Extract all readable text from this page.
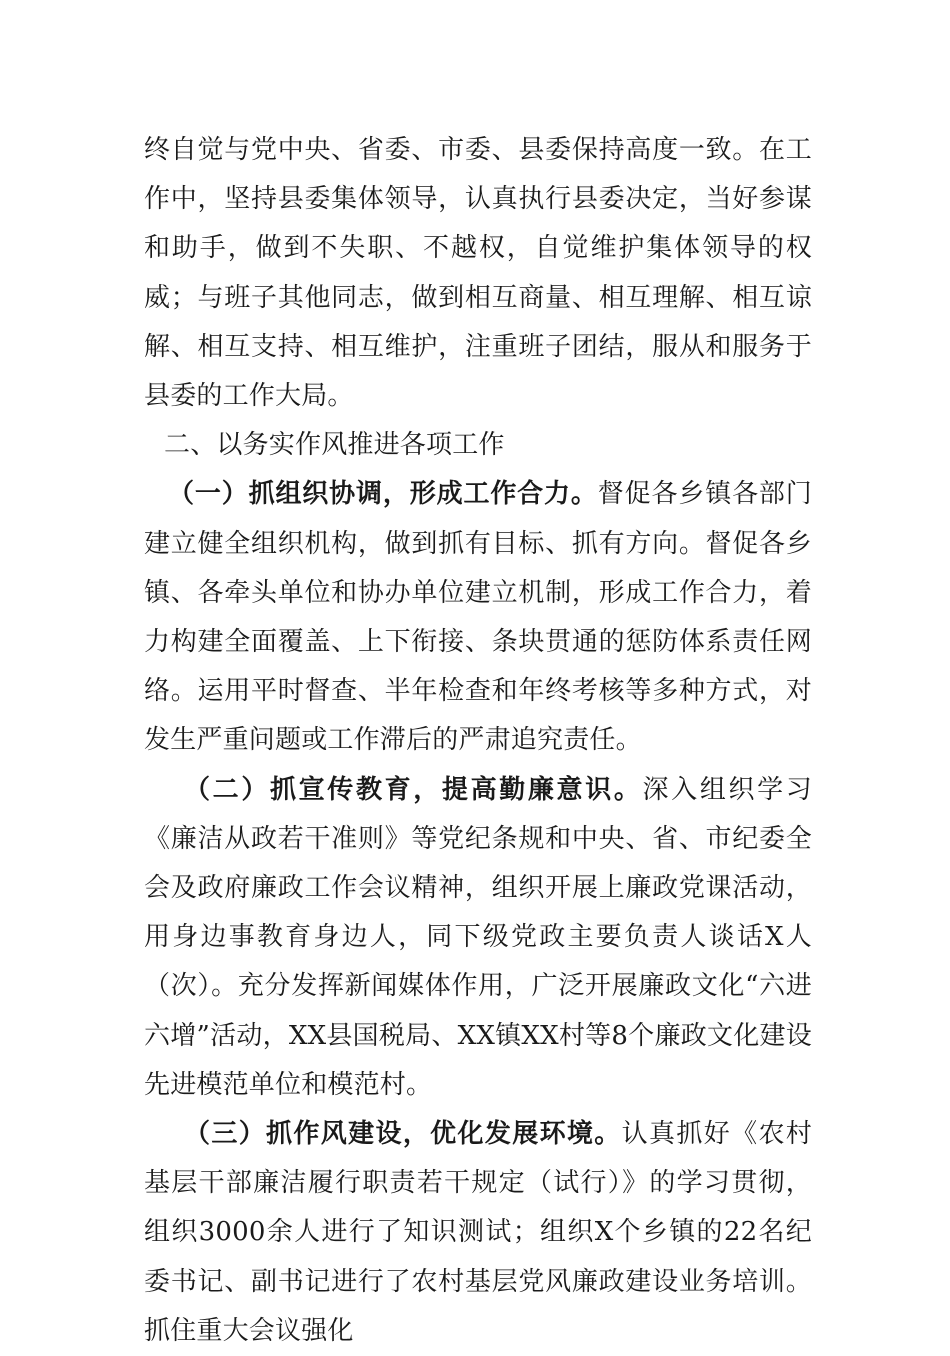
终自觉与党中央、省委、市委、县委保持高度一致。在工作中，坚持县委集体领导，认真执行县委决定，当好参谋和助手，做到不失职、不越权，自觉维护集体领导的权威；与班子其他同志，做到相互商量、相互理解、相互谅解、相互支持、相互维护，注重班子团结，服从和服务于县委的工作大局。

二、以务实作风推进各项工作

（一）抓组织协调，形成工作合力。督促各乡镇各部门建立健全组织机构，做到抓有目标、抓有方向。督促各乡镇、各牵头单位和协办单位建立机制，形成工作合力，着力构建全面覆盖、上下衔接、条块贯通的惩防体系责任网络。运用平时督查、半年检查和年终考核等多种方式，对发生严重问题或工作滞后的严肃追究责任。

（二）抓宣传教育，提高勤廉意识。深入组织学习《廉洁从政若干准则》等党纪条规和中央、省、市纪委全会及政府廉政工作会议精神，组织开展上廉政党课活动，用身边事教育身边人，同下级党政主要负责人谈话X人（次）。充分发挥新闻媒体作用，广泛开展廉政文化“六进六增”活动，XX县国税局、XX镇XX村等8个廉政文化建设先进模范单位和模范村。

（三）抓作风建设，优化发展环境。认真抓好《农村基层干部廉洁履行职责若干规定（试行）》的学习贯彻，组织3000余人进行了知识测试；组织X个乡镇的22名纪委书记、副书记进行了农村基层党风廉政建设业务培训。抓住重大会议强化
